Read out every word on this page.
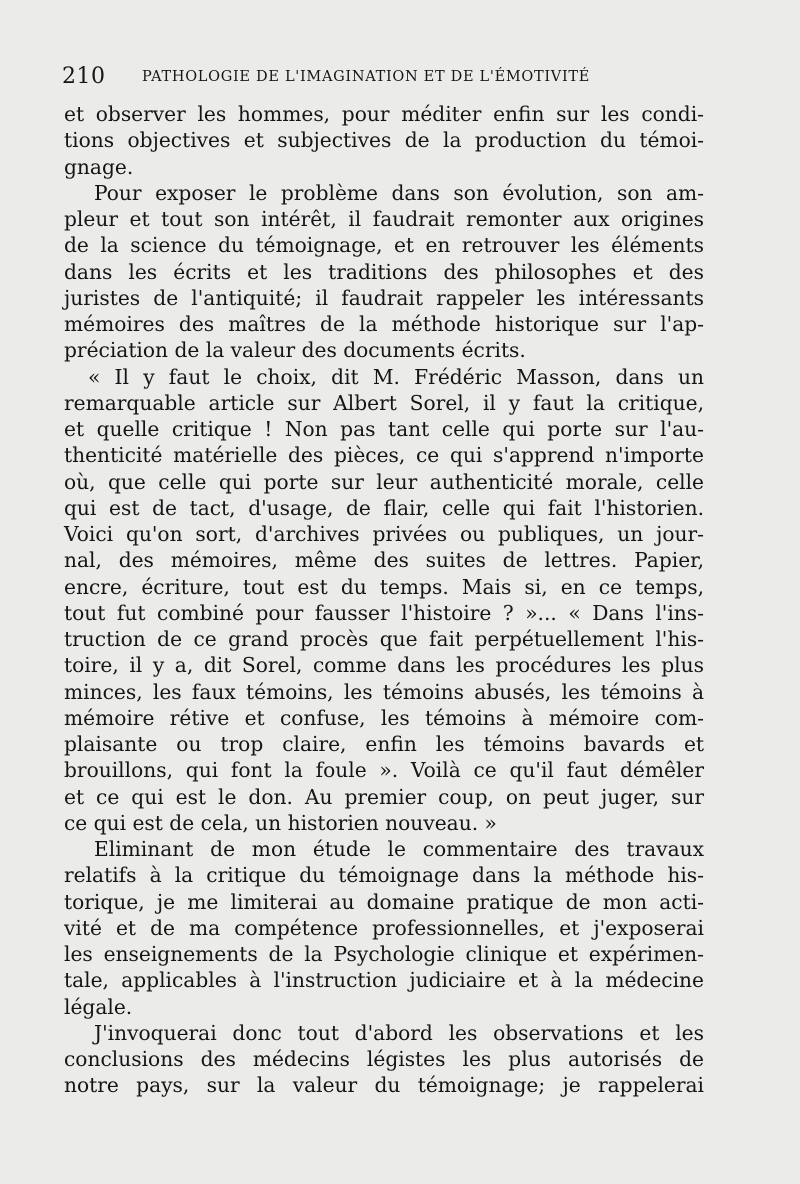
210	PATHOLOGIE DE L'IMAGINATION ET DE L'ÉMOTIVITÉ
et observer les hommes, pour méditer enfin sur les condi-
tions objectives et subjectives de la production du témoi-
gnage.
Pour exposer le problème dans son évolution, son am-
pleur et tout son intérêt, il faudrait remonter aux origines
de la science du témoignage, et en retrouver les éléments
dans les écrits et les traditions des philosophes et des
juristes de l'antiquité; il faudrait rappeler les intéressants
mémoires des maîtres de la méthode historique sur l'ap-
préciation de la valeur des documents écrits.
« Il y faut le choix, dit M. Frédéric Masson, dans un
remarquable article sur Albert Sorel, il y faut la critique,
et quelle critique ! Non pas tant celle qui porte sur l'au-
thenticité matérielle des pièces, ce qui s'apprend n'importe
où, que celle qui porte sur leur authenticité morale, celle
qui est de tact, d'usage, de flair, celle qui fait l'historien.
Voici qu'on sort, d'archives privées ou publiques, un jour-
nal, des mémoires, même des suites de lettres. Papier,
encre, écriture, tout est du temps. Mais si, en ce temps,
tout fut combiné pour fausser l'histoire ? »... « Dans l'ins-
truction de ce grand procès que fait perpétuellement l'his-
toire, il y a, dit Sorel, comme dans les procédures les plus
minces, les faux témoins, les témoins abusés, les témoins à
mémoire rétive et confuse, les témoins à mémoire com-
plaisante ou trop claire, enfin les témoins bavards et
brouillons, qui font la foule ». Voilà ce qu'il faut démêler
et ce qui est le don. Au premier coup, on peut juger, sur
ce qui est de cela, un historien nouveau. »
Eliminant de mon étude le commentaire des travaux
relatifs à la critique du témoignage dans la méthode his-
torique, je me limiterai au domaine pratique de mon acti-
vité et de ma compétence professionnelles, et j'exposerai
les enseignements de la Psychologie clinique et expérimen-
tale, applicables à l'instruction judiciaire et à la médecine
légale.
J'invoquerai donc tout d'abord les observations et les
conclusions des médecins légistes les plus autorisés de
notre pays, sur la valeur du témoignage; je rappelerai
